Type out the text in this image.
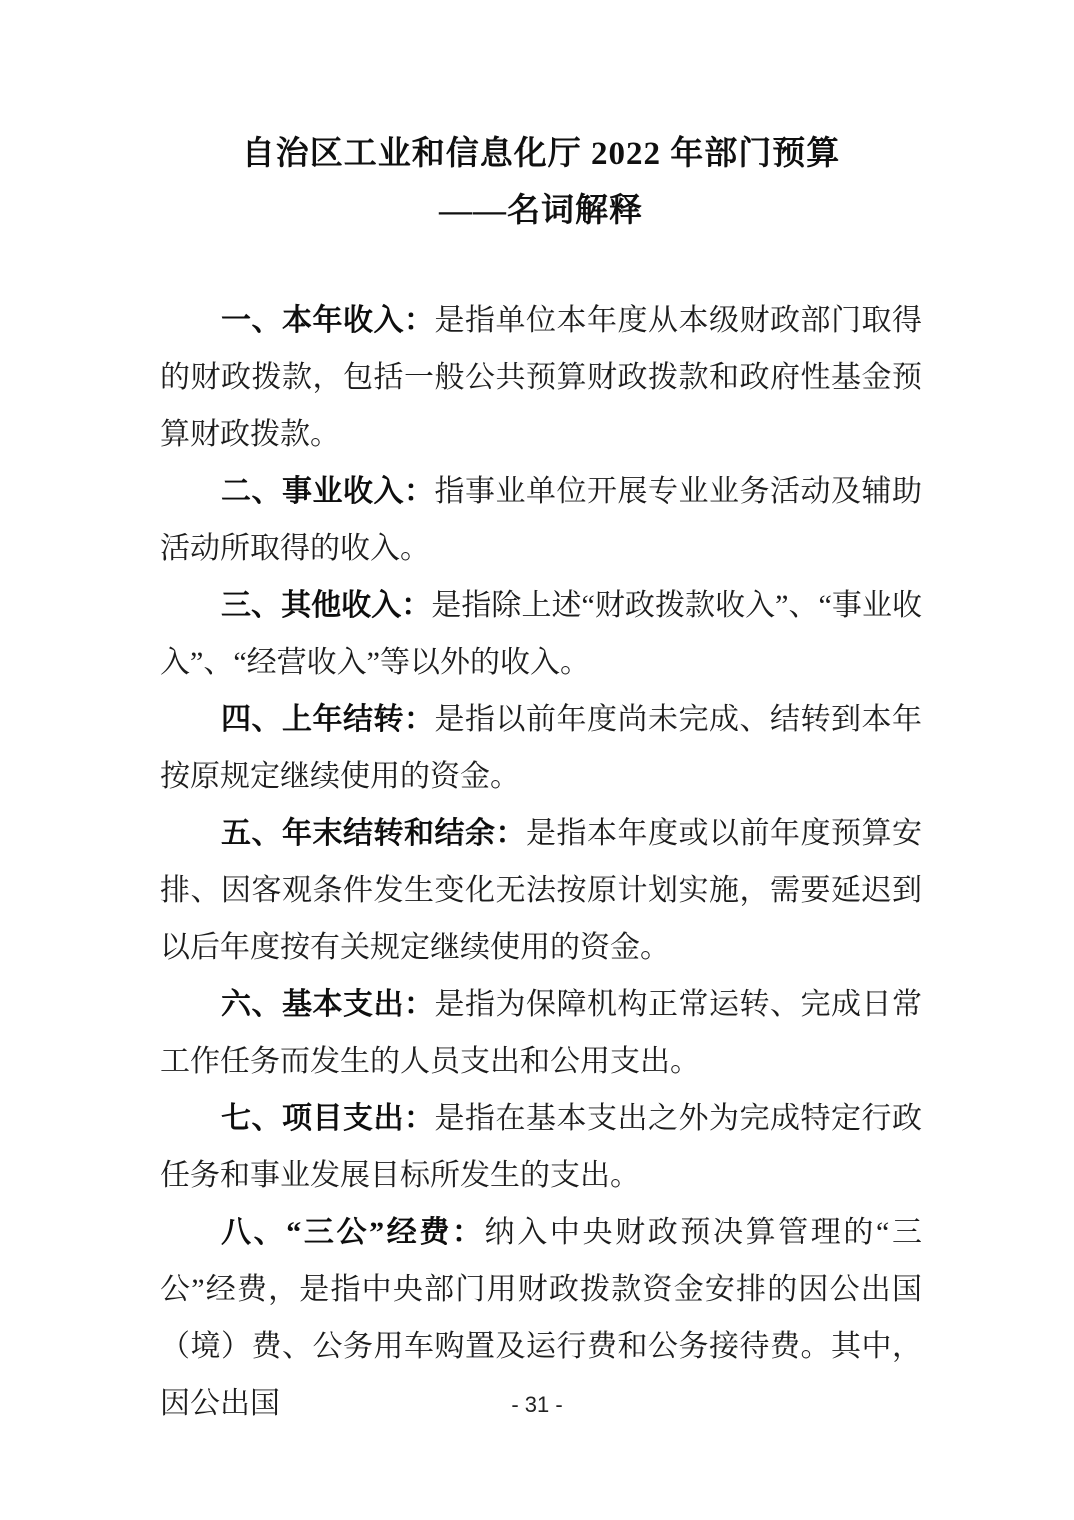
自治区工业和信息化厅 2022 年部门预算
——名词解释

一、本年收入：是指单位本年度从本级财政部门取得的财政拨款，包括一般公共预算财政拨款和政府性基金预算财政拨款。

二、事业收入：指事业单位开展专业业务活动及辅助活动所取得的收入。

三、其他收入：是指除上述“财政拨款收入”、“事业收入”、“经营收入”等以外的收入。

四、上年结转：是指以前年度尚未完成、结转到本年按原规定继续使用的资金。

五、年末结转和结余：是指本年度或以前年度预算安排、因客观条件发生变化无法按原计划实施，需要延迟到以后年度按有关规定继续使用的资金。

六、基本支出：是指为保障机构正常运转、完成日常工作任务而发生的人员支出和公用支出。

七、项目支出：是指在基本支出之外为完成特定行政任务和事业发展目标所发生的支出。

八、“三公”经费：纳入中央财政预决算管理的“三公”经费，是指中央部门用财政拨款资金安排的因公出国（境）费、公务用车购置及运行费和公务接待费。其中，因公出国	- 31 -
